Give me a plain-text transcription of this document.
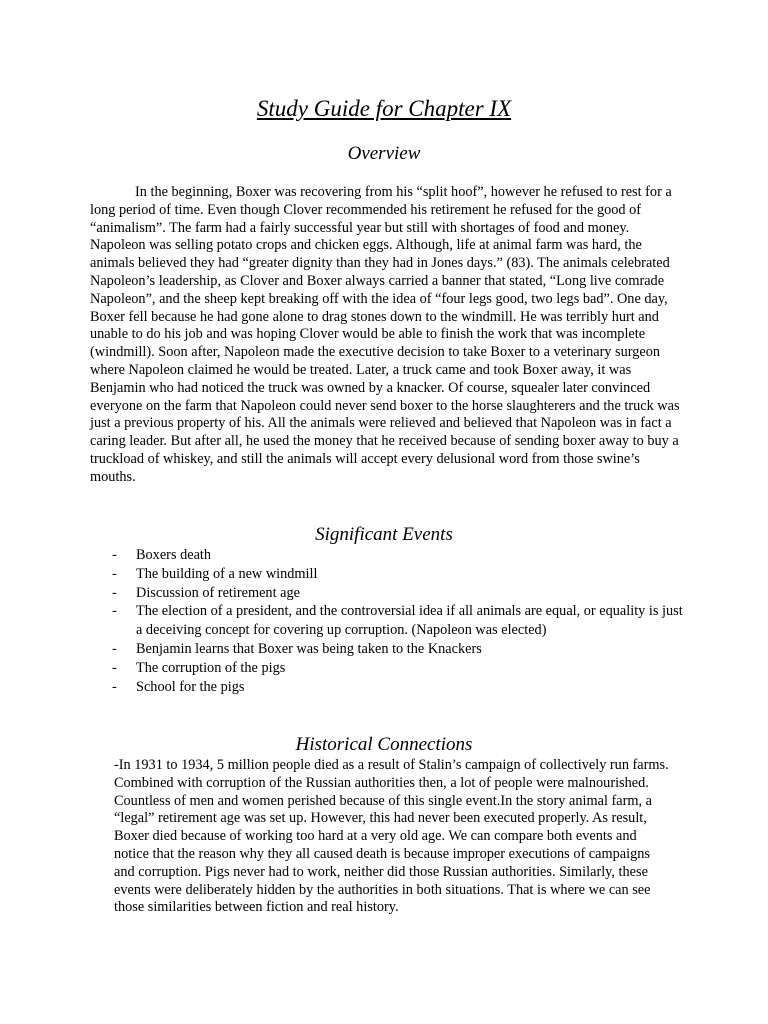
Study Guide for Chapter IX
Overview

In the beginning, Boxer was recovering from his “split hoof”, however he refused to rest for a long period of time. Even though Clover recommended his retirement he refused for the good of “animalism”. The farm had a fairly successful year but still with shortages of food and money. Napoleon was selling potato crops and chicken eggs. Although, life at animal farm was hard, the animals believed they had “greater dignity than they had in Jones days.” (83). The animals celebrated Napoleon’s leadership, as Clover and Boxer always carried a banner that stated, “Long live comrade Napoleon”, and the sheep kept breaking off with the idea of “four legs good, two legs bad”. One day, Boxer fell because he had gone alone to drag stones down to the windmill. He was terribly hurt and unable to do his job and was hoping Clover would be able to finish the work that was incomplete (windmill). Soon after, Napoleon made the executive decision to take Boxer to a veterinary surgeon where Napoleon claimed he would be treated. Later, a truck came and took Boxer away, it was Benjamin who had noticed the truck was owned by a knacker. Of course, squealer later convinced everyone on the farm that Napoleon could never send boxer to the horse slaughterers and the truck was just a previous property of his. All the animals were relieved and believed that Napoleon was in fact a caring leader. But after all, he used the money that he received because of sending boxer away to buy a truckload of whiskey, and still the animals will accept every delusional word from those swine’s mouths.

Significant Events
- Boxers death
- The building of a new windmill
- Discussion of retirement age
- The election of a president, and the controversial idea if all animals are equal, or equality is just a deceiving concept for covering up corruption. (Napoleon was elected)
- Benjamin learns that Boxer was being taken to the Knackers
- The corruption of the pigs
- School for the pigs
Historical Connections

-In 1931 to 1934, 5 million people died as a result of Stalin’s campaign of collectively run farms. Combined with corruption of the Russian authorities then, a lot of people were malnourished. Countless of men and women perished because of this single event.In the story animal farm, a “legal” retirement age was set up. However, this had never been executed properly. As result, Boxer died because of working too hard at a very old age. We can compare both events and notice that the reason why they all caused death is because improper executions of campaigns and corruption. Pigs never had to work, neither did those Russian authorities. Similarly, these events were deliberately hidden by the authorities in both situations. That is where we can see those similarities between fiction and real history.
